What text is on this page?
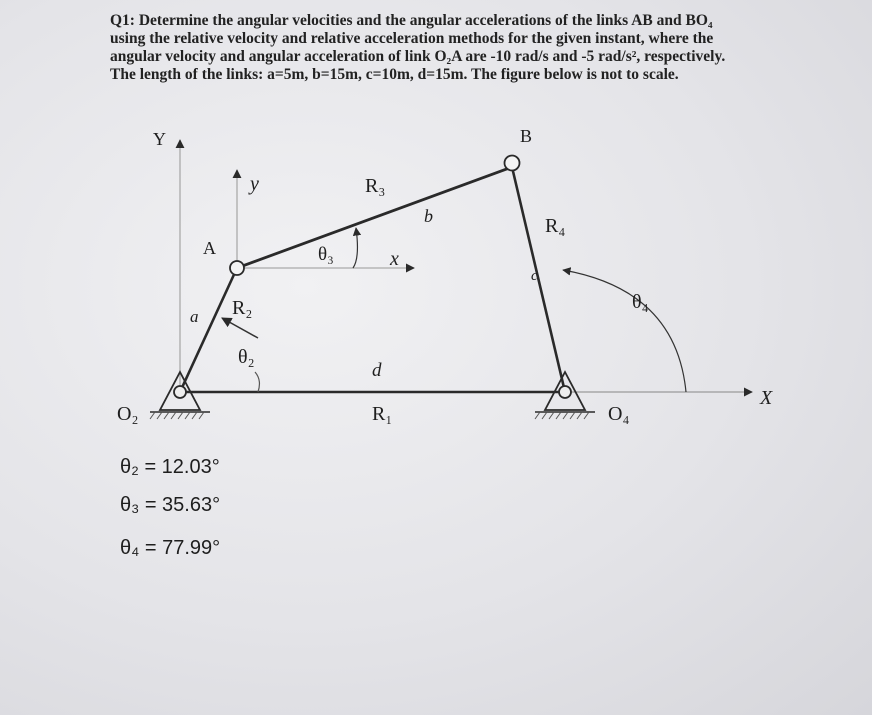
Q1: Determine the angular velocities and the angular accelerations of the links AB and BO₄
using the relative velocity and relative acceleration methods for the given instant, where the
angular velocity and angular acceleration of link O₂A are -10 rad/s and -5 rad/s², respectively.
The length of the links: a=5m, b=15m, c=10m, d=15m. The figure below is not to scale.
Y
X
y
x
A
B
O₂	O₄
R₁
R₂
R₃
R₄
a
b
c
d
θ₂
θ₃
θ₄
θ₂ = 12.03°
θ₃ = 35.63°
θ₄ = 77.99°
